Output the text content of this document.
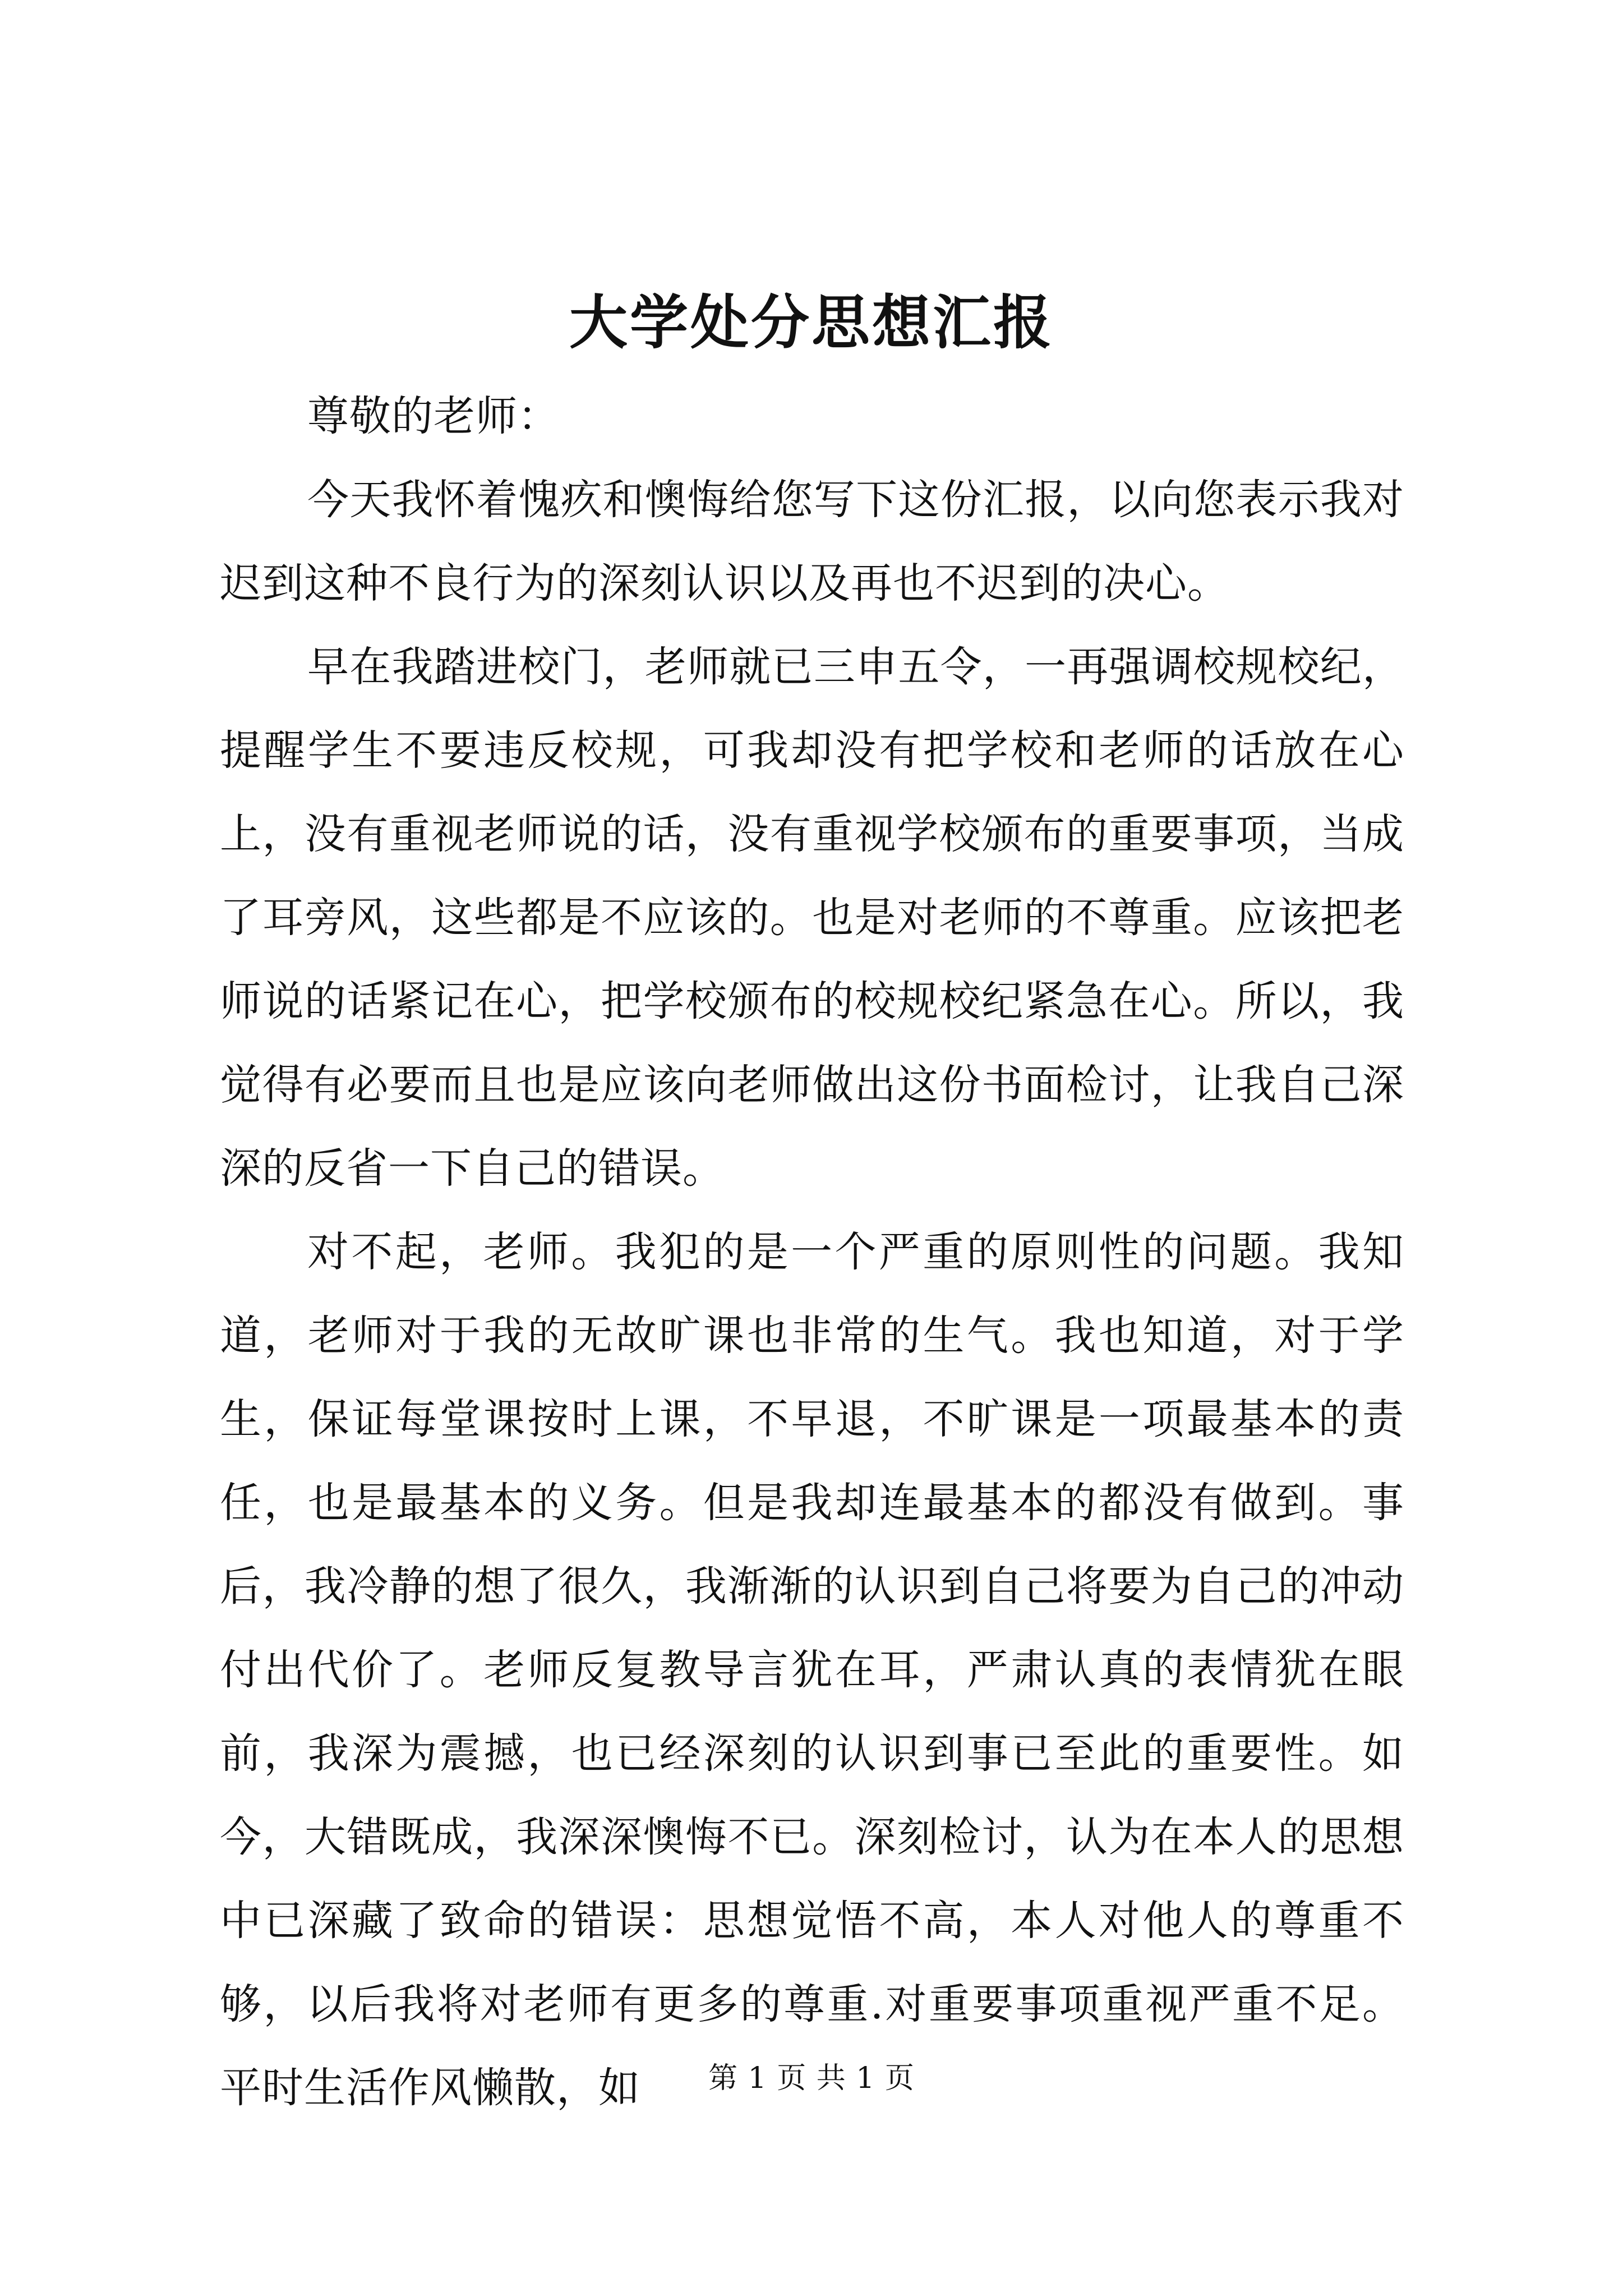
大学处分思想汇报

尊敬的老师：

今天我怀着愧疚和懊悔给您写下这份汇报，以向您表示我对迟到这种不良行为的深刻认识以及再也不迟到的决心。

早在我踏进校门，老师就已三申五令，一再强调校规校纪，提醒学生不要违反校规，可我却没有把学校和老师的话放在心上，没有重视老师说的话，没有重视学校颁布的重要事项，当成了耳旁风，这些都是不应该的。也是对老师的不尊重。应该把老师说的话紧记在心，把学校颁布的校规校纪紧急在心。所以，我觉得有必要而且也是应该向老师做出这份书面检讨，让我自己深深的反省一下自己的错误。

对不起，老师。我犯的是一个严重的原则性的问题。我知道，老师对于我的无故旷课也非常的生气。我也知道，对于学生，保证每堂课按时上课，不早退，不旷课是一项最基本的责任，也是最基本的义务。但是我却连最基本的都没有做到。事后，我冷静的想了很久，我渐渐的认识到自己将要为自己的冲动付出代价了。老师反复教导言犹在耳，严肃认真的表情犹在眼前，我深为震撼，也已经深刻的认识到事已至此的重要性。如今，大错既成，我深深懊悔不已。深刻检讨，认为在本人的思想中已深藏了致命的错误：思想觉悟不高，本人对他人的尊重不够，以后我将对老师有更多的尊重.对重要事项重视严重不足。平时生活作风懒散，如	第 1 页 共 1 页
